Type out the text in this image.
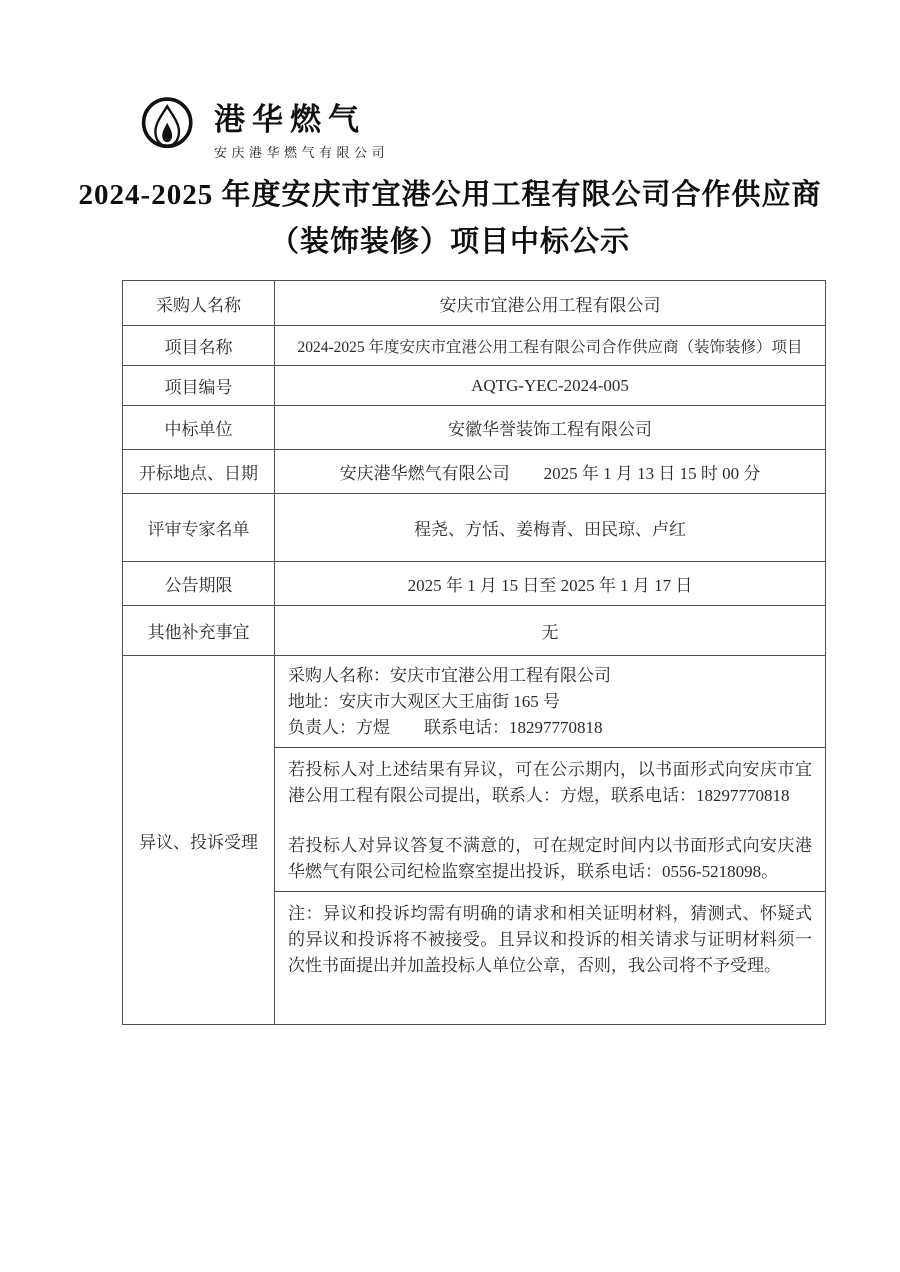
港华燃气
安庆港华燃气有限公司
2024-2025 年度安庆市宜港公用工程有限公司合作供应商
（装饰装修）项目中标公示
采购人名称	安庆市宜港公用工程有限公司
项目名称	2024-2025 年度安庆市宜港公用工程有限公司合作供应商（装饰装修）项目
项目编号	AQTG-YEC-2024-005
中标单位	安徽华誉装饰工程有限公司
开标地点、日期	安庆港华燃气有限公司　　2025 年 1 月 13 日 15 时 00 分
评审专家名单	程尧、方恬、姜梅青、田民琼、卢红
公告期限	2025 年 1 月 15 日至 2025 年 1 月 17 日
其他补充事宜	无
异议、投诉受理
采购人名称：安庆市宜港公用工程有限公司
地址：安庆市大观区大王庙街 165 号
负责人：方煜　　联系电话：18297770818

若投标人对上述结果有异议，可在公示期内，以书面形式向安庆市宜港公用工程有限公司提出，联系人：方煜，联系电话：18297770818

若投标人对异议答复不满意的，可在规定时间内以书面形式向安庆港华燃气有限公司纪检监察室提出投诉，联系电话：0556-5218098。

注：异议和投诉均需有明确的请求和相关证明材料，猜测式、怀疑式的异议和投诉将不被接受。且异议和投诉的相关请求与证明材料须一次性书面提出并加盖投标人单位公章，否则，我公司将不予受理。
